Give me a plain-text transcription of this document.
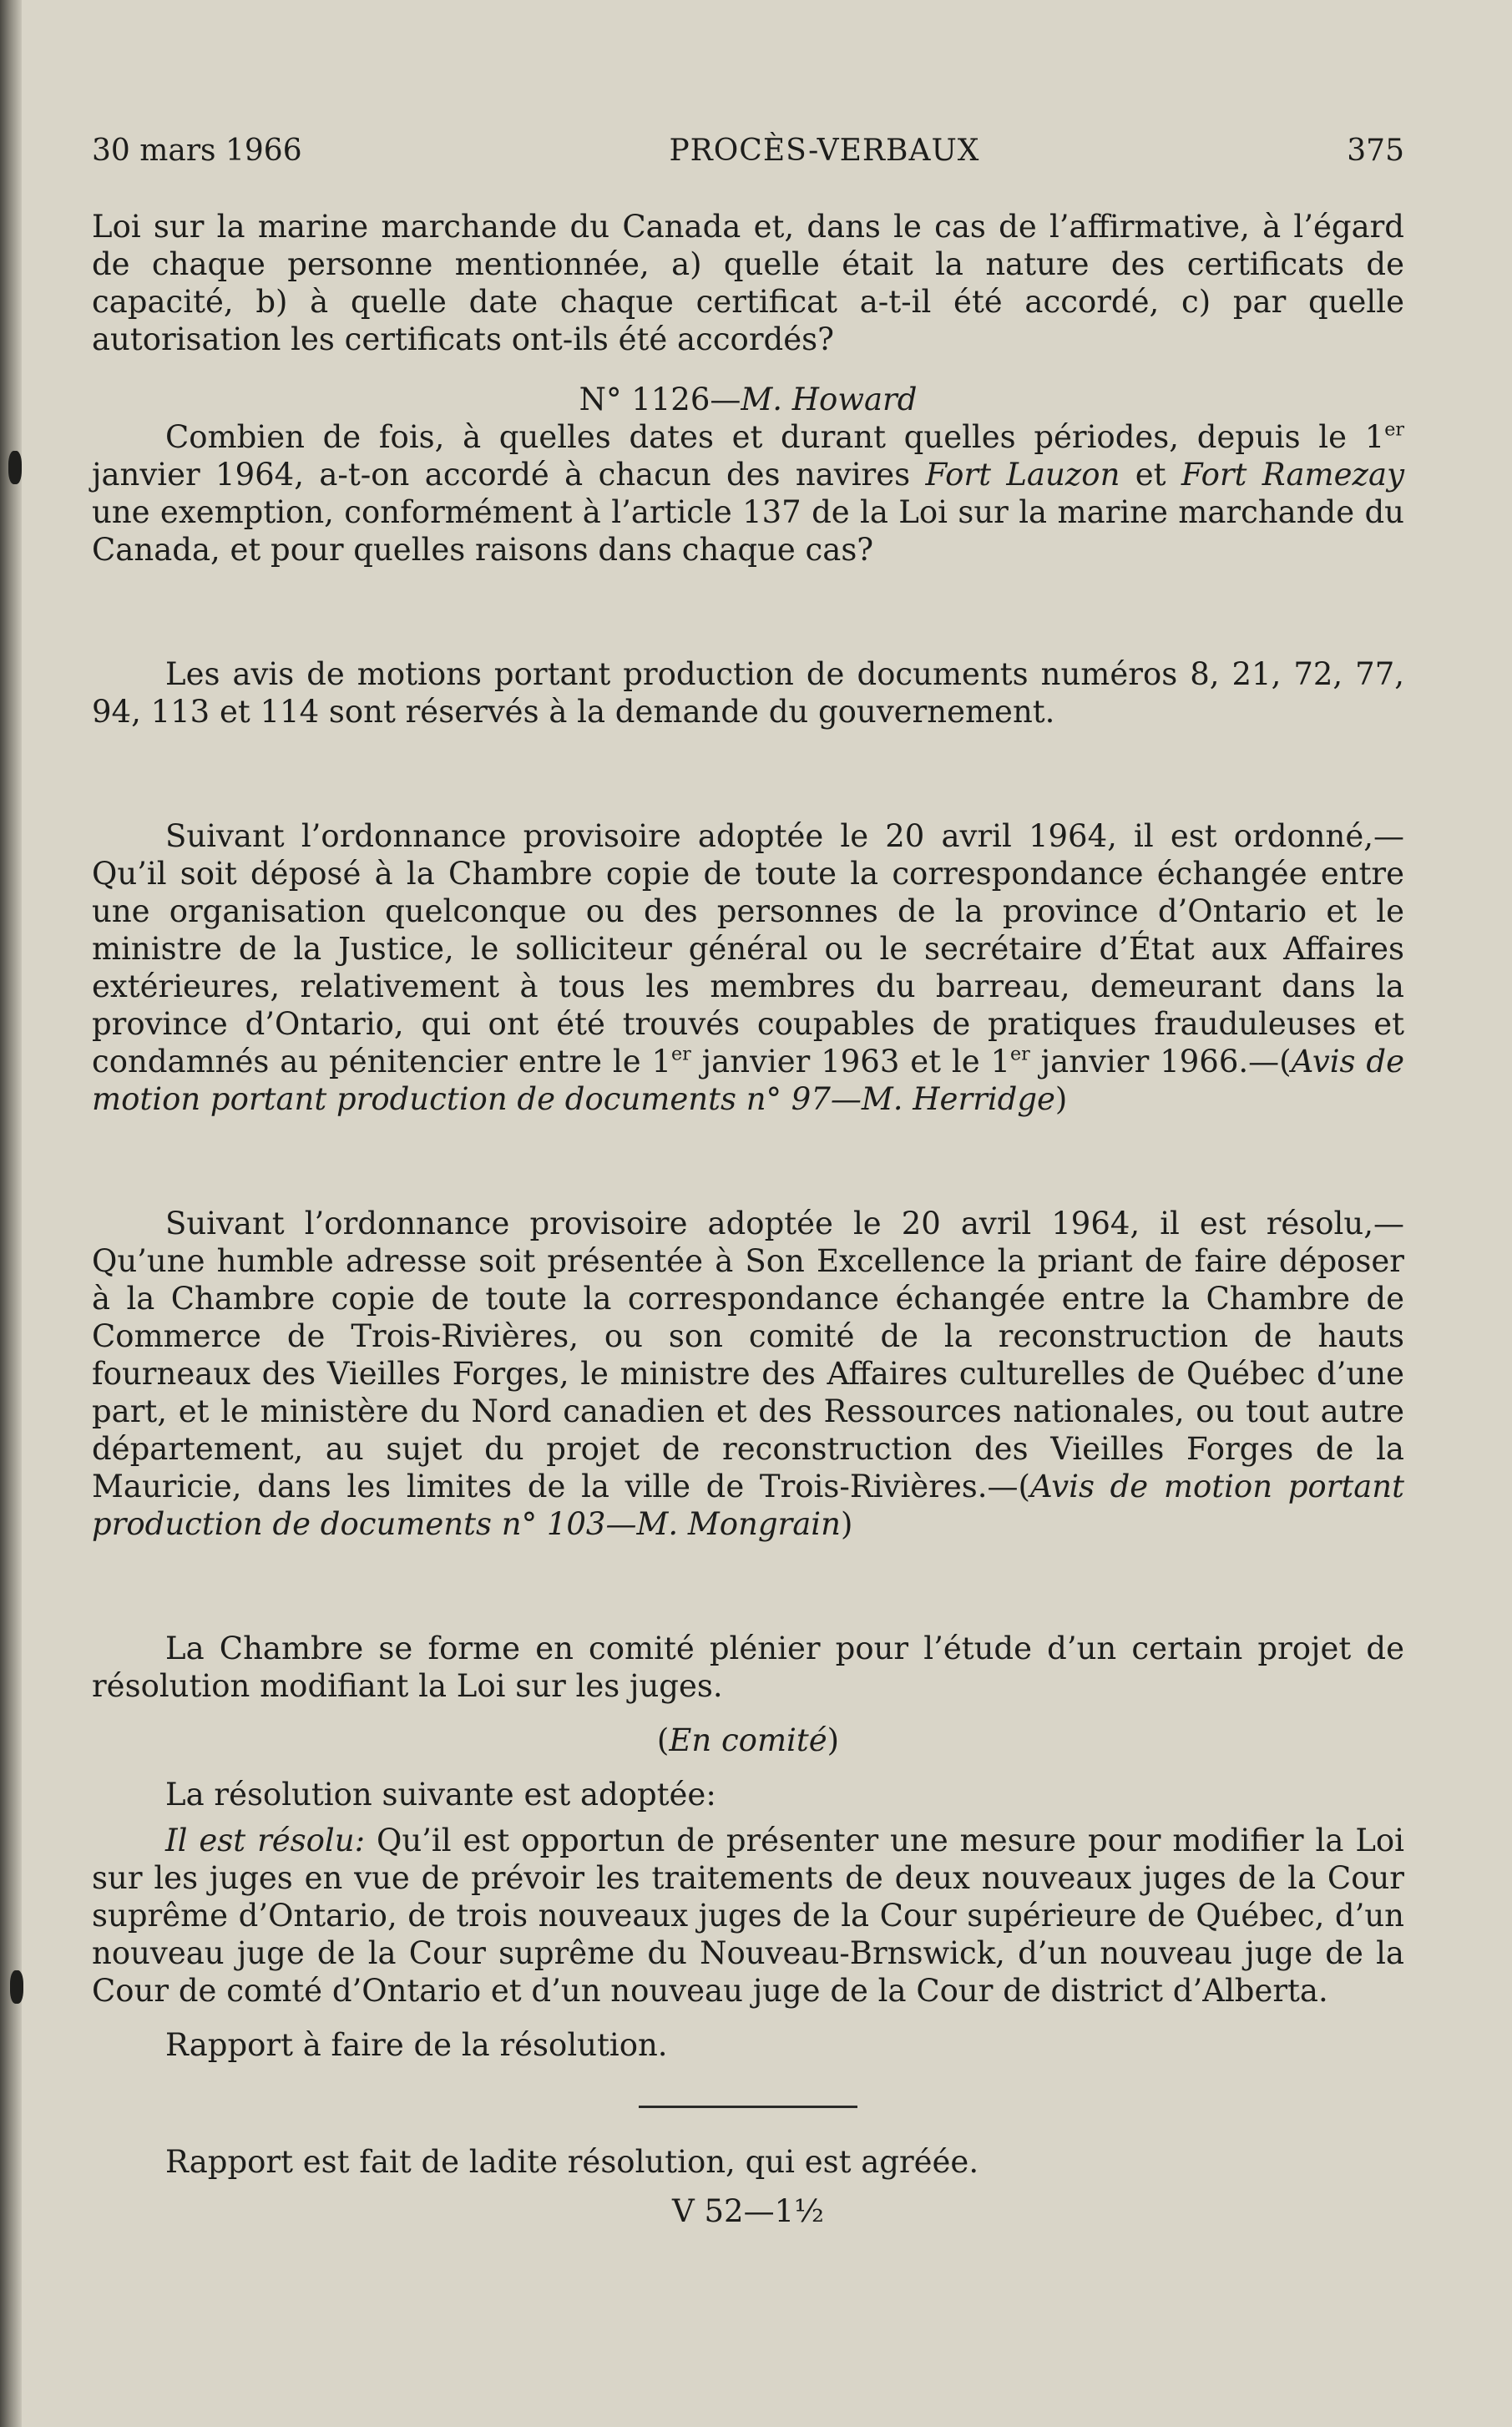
30 mars 1966	PROCÈS-VERBAUX	375

Loi sur la marine marchande du Canada et, dans le cas de l’affirmative, à l’égard de chaque personne mentionnée, a) quelle était la nature des certificats de capacité, b) à quelle date chaque certificat a-t-il été accordé, c) par quelle autorisation les certificats ont-ils été accordés?

N° 1126—M. Howard

Combien de fois, à quelles dates et durant quelles périodes, depuis le 1er janvier 1964, a-t-on accordé à chacun des navires Fort Lauzon et Fort Ramezay une exemption, conformément à l’article 137 de la Loi sur la marine marchande du Canada, et pour quelles raisons dans chaque cas?

Les avis de motions portant production de documents numéros 8, 21, 72, 77, 94, 113 et 114 sont réservés à la demande du gouvernement.

Suivant l’ordonnance provisoire adoptée le 20 avril 1964, il est ordonné,—Qu’il soit déposé à la Chambre copie de toute la correspondance échangée entre une organisation quelconque ou des personnes de la province d’Ontario et le ministre de la Justice, le solliciteur général ou le secrétaire d’État aux Affaires extérieures, relativement à tous les membres du barreau, demeurant dans la province d’Ontario, qui ont été trouvés coupables de pratiques frauduleuses et condamnés au pénitencier entre le 1er janvier 1963 et le 1er janvier 1966.—(Avis de motion portant production de documents n° 97—M. Herridge)

Suivant l’ordonnance provisoire adoptée le 20 avril 1964, il est résolu,—Qu’une humble adresse soit présentée à Son Excellence la priant de faire déposer à la Chambre copie de toute la correspondance échangée entre la Chambre de Commerce de Trois-Rivières, ou son comité de la reconstruction de hauts fourneaux des Vieilles Forges, le ministre des Affaires culturelles de Québec d’une part, et le ministère du Nord canadien et des Ressources nationales, ou tout autre département, au sujet du projet de reconstruction des Vieilles Forges de la Mauricie, dans les limites de la ville de Trois-Rivières.—(Avis de motion portant production de documents n° 103—M. Mongrain)

La Chambre se forme en comité plénier pour l’étude d’un certain projet de résolution modifiant la Loi sur les juges.

(En comité)

La résolution suivante est adoptée:

Il est résolu: Qu’il est opportun de présenter une mesure pour modifier la Loi sur les juges en vue de prévoir les traitements de deux nouveaux juges de la Cour suprême d’Ontario, de trois nouveaux juges de la Cour supérieure de Québec, d’un nouveau juge de la Cour suprême du Nouveau-Brnswick, d’un nouveau juge de la Cour de comté d’Ontario et d’un nouveau juge de la Cour de district d’Alberta.

Rapport à faire de la résolution.

Rapport est fait de ladite résolution, qui est agréée.

V 52—1½
